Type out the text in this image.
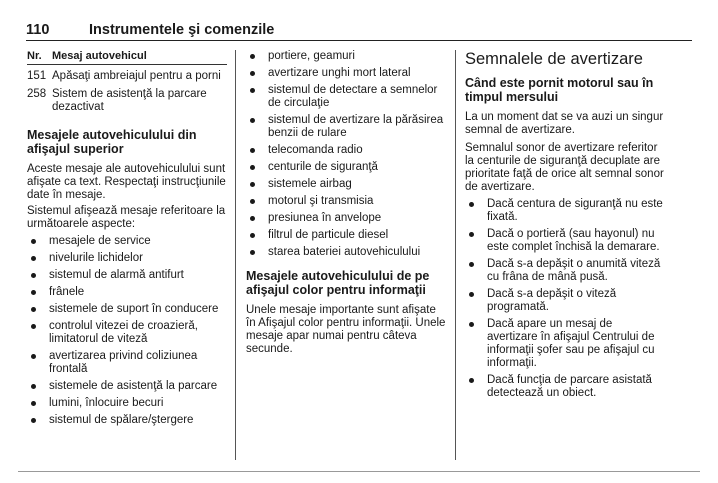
110	Instrumentele şi comenzile
Nr. Mesaj autovehicul
151 Apăsaţi ambreiajul pentru a porni
258 Sistem de asistenţă la parcare dezactivat
Mesajele autovehiculului din afişajul superior

Aceste mesaje ale autovehiculului sunt afişate ca text. Respectaţi instrucţiunile date în mesaje.

Sistemul afişează mesaje referitoare la următoarele aspecte:

mesajele de service
nivelurile lichidelor
sistemul de alarmă antifurt
frânele
sistemele de suport în conducere
controlul vitezei de croazieră, limitatorul de viteză
avertizarea privind coliziunea frontală
sistemele de asistenţă la parcare
lumini, înlocuire becuri
sistemul de spălare/ştergere
portiere, geamuri
avertizare unghi mort lateral
sistemul de detectare a semnelor de circulaţie
sistemul de avertizare la părăsirea benzii de rulare
telecomanda radio
centurile de siguranţă
sistemele airbag
motorul şi transmisia
presiunea în anvelope
filtrul de particule diesel
starea bateriei autovehiculului
Mesajele autovehiculului de pe afişajul color pentru informaţii

Unele mesaje importante sunt afişate în Afişajul color pentru informaţii. Unele mesaje apar numai pentru câteva secunde.

Semnalele de avertizare
Când este pornit motorul sau în timpul mersului

La un moment dat se va auzi un singur semnal de avertizare.

Semnalul sonor de avertizare referitor la centurile de siguranţă decuplate are prioritate faţă de orice alt semnal sonor de avertizare.

Dacă centura de siguranţă nu este fixată.
Dacă o portieră (sau hayonul) nu este complet închisă la demarare.
Dacă s-a depăşit o anumită viteză cu frâna de mână pusă.
Dacă s-a depăşit o viteză programată.
Dacă apare un mesaj de avertizare în afişajul Centrului de informaţii şofer sau pe afişajul cu informaţii.
Dacă funcţia de parcare asistată detectează un obiect.
